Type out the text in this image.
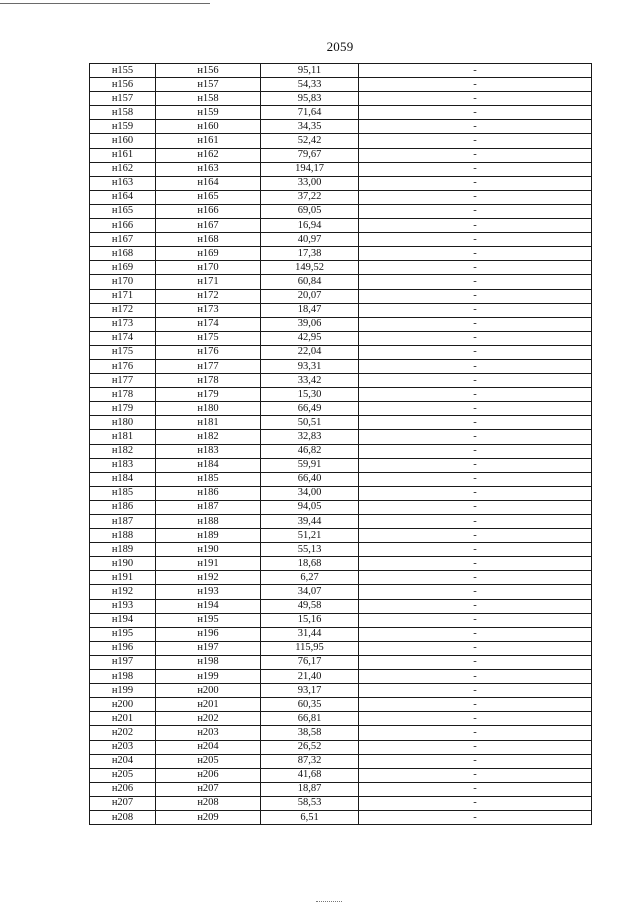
2059
н155	н156	95,11	-
н156	н157	54,33	-
н157	н158	95,83	-
н158	н159	71,64	-
н159	н160	34,35	-
н160	н161	52,42	-
н161	н162	79,67	-
н162	н163	194,17	-
н163	н164	33,00	-
н164	н165	37,22	-
н165	н166	69,05	-
н166	н167	16,94	-
н167	н168	40,97	-
н168	н169	17,38	-
н169	н170	149,52	-
н170	н171	60,84	-
н171	н172	20,07	-
н172	н173	18,47	-
н173	н174	39,06	-
н174	н175	42,95	-
н175	н176	22,04	-
н176	н177	93,31	-
н177	н178	33,42	-
н178	н179	15,30	-
н179	н180	66,49	-
н180	н181	50,51	-
н181	н182	32,83	-
н182	н183	46,82	-
н183	н184	59,91	-
н184	н185	66,40	-
н185	н186	34,00	-
н186	н187	94,05	-
н187	н188	39,44	-
н188	н189	51,21	-
н189	н190	55,13	-
н190	н191	18,68	-
н191	н192	6,27	-
н192	н193	34,07	-
н193	н194	49,58	-
н194	н195	15,16	-
н195	н196	31,44	-
н196	н197	115,95	-
н197	н198	76,17	-
н198	н199	21,40	-
н199	н200	93,17	-
н200	н201	60,35	-
н201	н202	66,81	-
н202	н203	38,58	-
н203	н204	26,52	-
н204	н205	87,32	-
н205	н206	41,68	-
н206	н207	18,87	-
н207	н208	58,53	-
н208	н209	6,51	-
